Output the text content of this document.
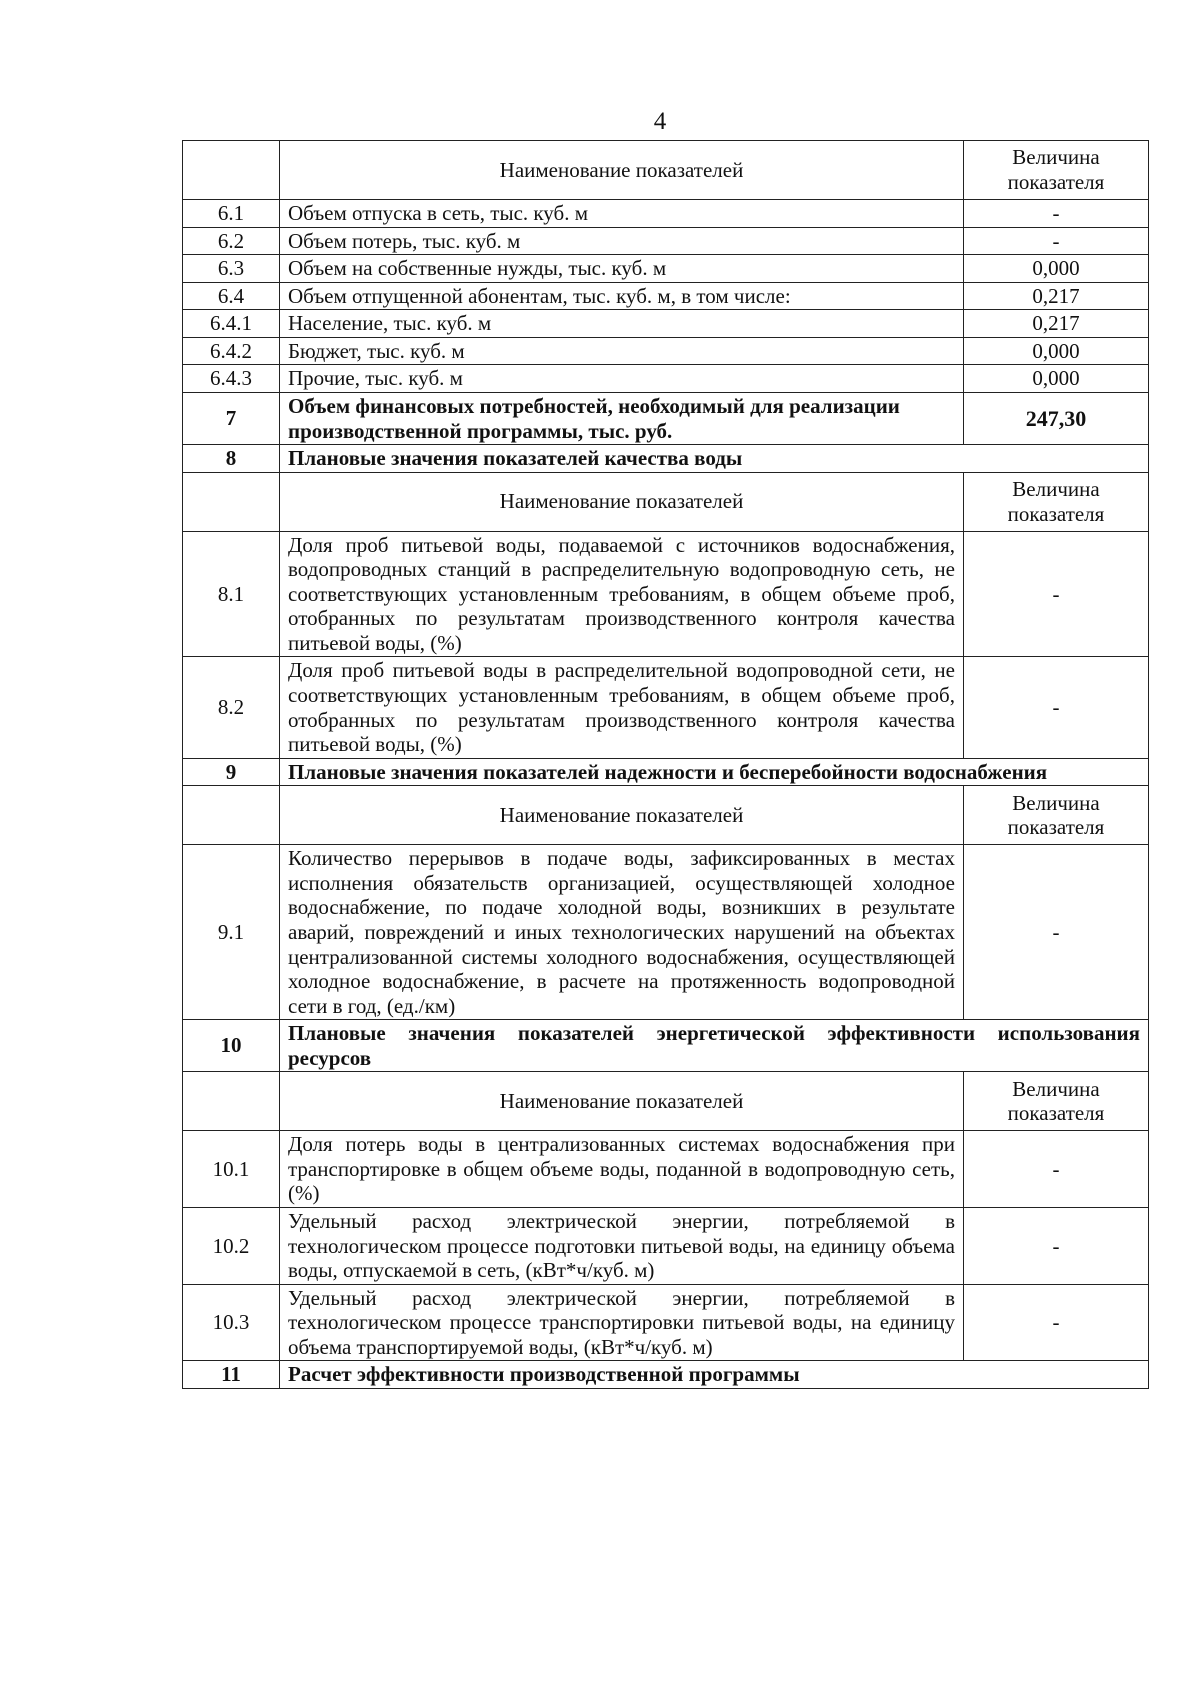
4
	Наименование показателей	Величина показателя
6.1	Объем отпуска в сеть, тыс. куб. м	-
6.2	Объем потерь, тыс. куб. м	-
6.3	Объем на собственные нужды, тыс. куб. м	0,000
6.4	Объем отпущенной абонентам, тыс. куб. м, в том числе:	0,217
6.4.1	Население, тыс. куб. м	0,217
6.4.2	Бюджет, тыс. куб. м	0,000
6.4.3	Прочие, тыс. куб. м	0,000
7	Объем финансовых потребностей, необходимый для реализации производственной программы, тыс. руб.	247,30
8	Плановые значения показателей качества воды	
	Наименование показателей	Величина показателя
8.1	Доля проб питьевой воды, подаваемой с источников водоснабжения, водопроводных станций в распределительную водопроводную сеть, не соответствующих установленным требованиям, в общем объеме проб, отобранных по результатам производственного контроля качества питьевой воды, (%)	-
8.2	Доля проб питьевой воды в распределительной водопроводной сети, не соответствующих установленным требованиям, в общем объеме проб, отобранных по результатам производственного контроля качества питьевой воды, (%)	-
9	Плановые значения показателей надежности и бесперебойности водоснабжения	
	Наименование показателей	Величина показателя
9.1	Количество перерывов в подаче воды, зафиксированных в местах исполнения обязательств организацией, осуществляющей холодное водоснабжение, по подаче холодной воды, возникших в результате аварий, повреждений и иных технологических нарушений на объектах централизованной системы холодного водоснабжения, осуществляющей холодное водоснабжение, в расчете на протяженность водопроводной сети в год, (ед./км)	-
10	Плановые значения показателей энергетической эффективности использования ресурсов	
	Наименование показателей	Величина показателя
10.1	Доля потерь воды в централизованных системах водоснабжения при транспортировке в общем объеме воды, поданной в водопроводную сеть, (%)	-
10.2	Удельный расход электрической энергии, потребляемой в технологическом процессе подготовки питьевой воды, на единицу объема воды, отпускаемой в сеть, (кВт*ч/куб. м)	-
10.3	Удельный расход электрической энергии, потребляемой в технологическом процессе транспортировки питьевой воды, на единицу объема транспортируемой воды, (кВт*ч/куб. м)	-
11	Расчет эффективности производственной программы	
